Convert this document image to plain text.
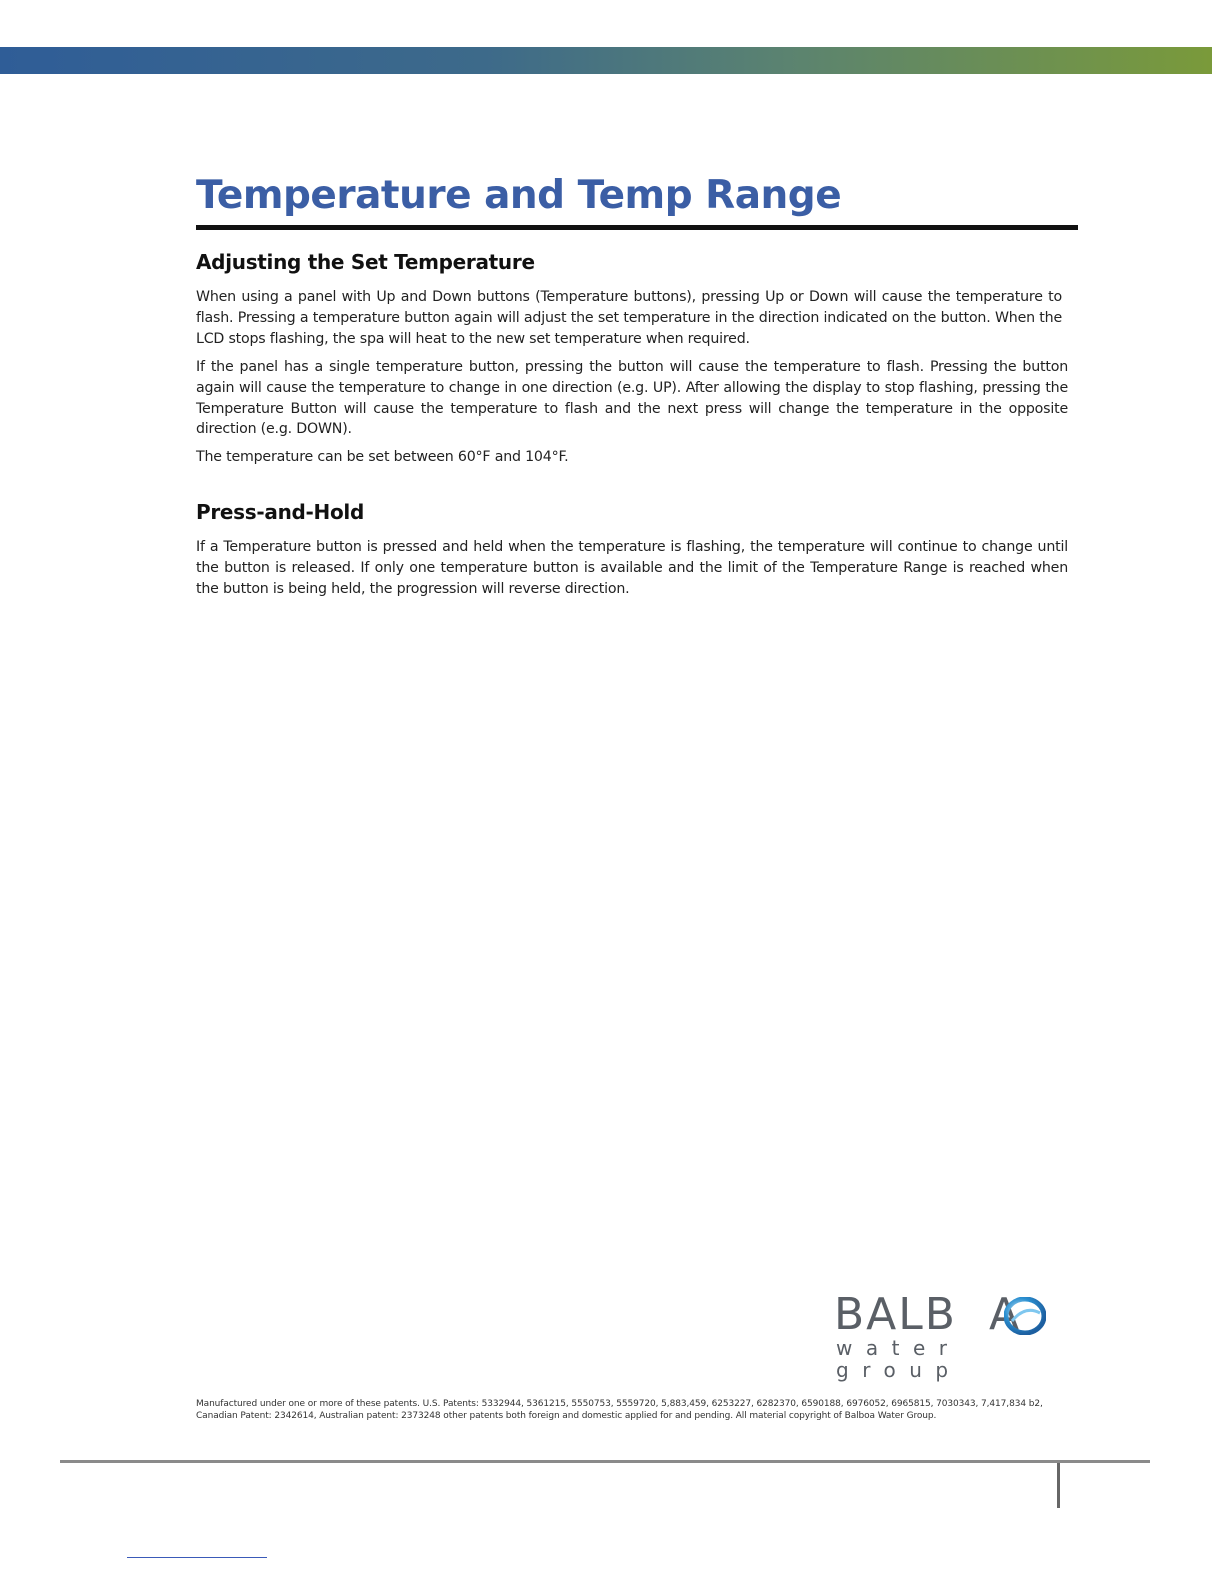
Temperature and Temp Range
Adjusting the Set Temperature

When using a panel with Up and Down buttons (Temperature buttons), pressing Up or Down will cause the temperature to flash. Pressing a temperature button again will adjust the set temperature in the direction indicated on the button. When the LCD stops flashing, the spa will heat to the new set temperature when required.

If the panel has a single temperature button, pressing the button will cause the temperature to flash. Pressing the button again will cause the temperature to change in one direction (e.g. UP). After allowing the display to stop flashing, pressing the Temperature Button will cause the temperature to flash and the next press will change the temperature in the opposite direction (e.g. DOWN).

The temperature can be set between 60°F and 104°F.

Press-and-Hold

If a Temperature button is pressed and held when the temperature is flashing, the temperature will continue to change until the button is released. If only one temperature button is available and the limit of the Temperature Range is reached when the button is being held, the progression will reverse direction.

BALB  A
water group

Manufactured under one or more of these patents. U.S. Patents: 5332944, 5361215, 5550753, 5559720, 5,883,459, 6253227, 6282370, 6590188, 6976052, 6965815, 7030343, 7,417,834 b2, Canadian Patent: 2342614, Australian patent: 2373248 other patents both foreign and domestic applied for and pending. All material copyright of Balboa Water Group.
